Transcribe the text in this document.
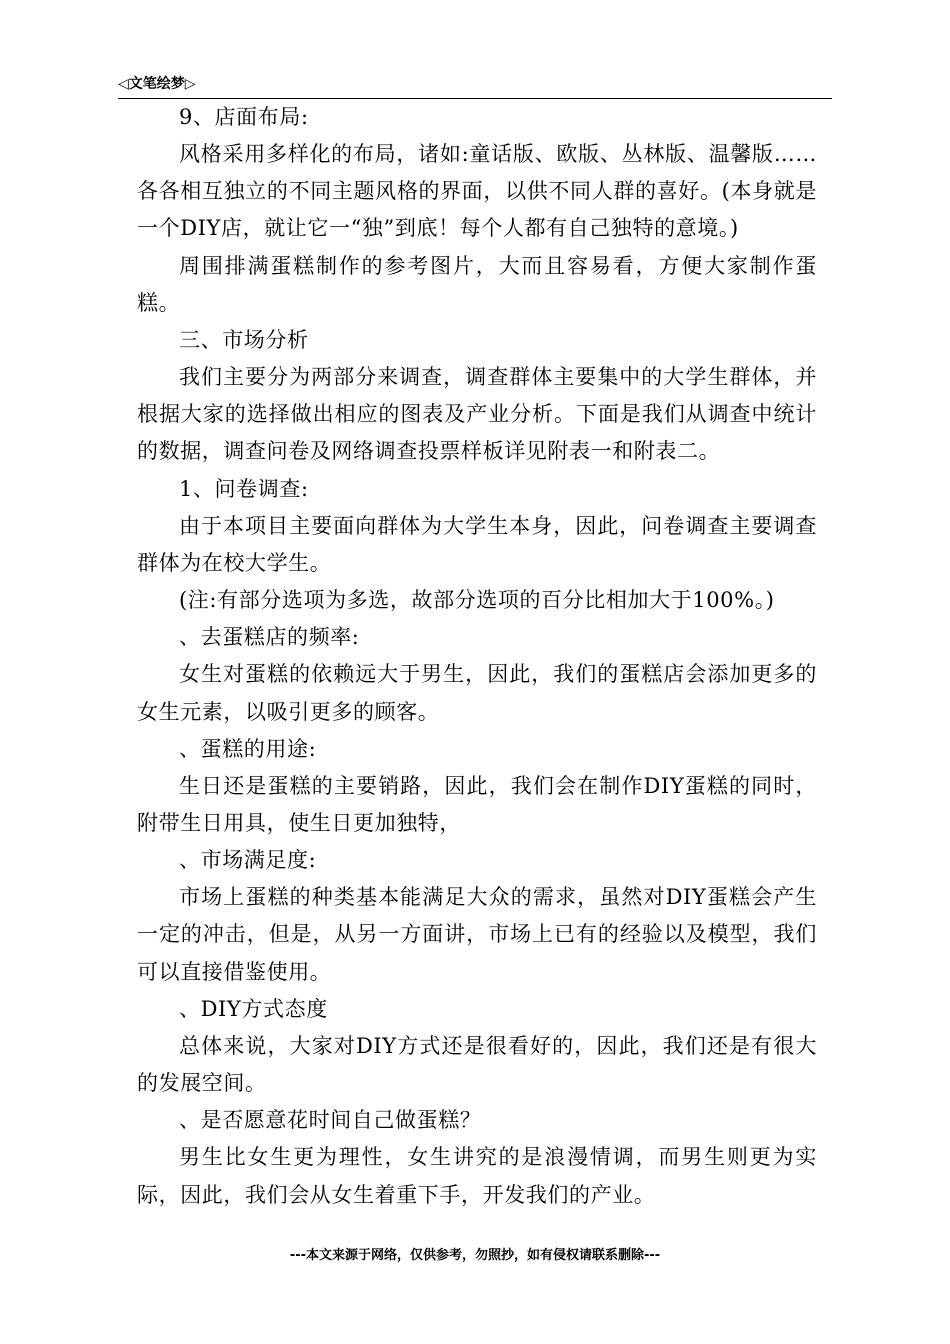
◁文笔绘梦▷

9、店面布局:

风格采用多样化的布局，诸如:童话版、欧版、丛林版、温馨版……各各相互独立的不同主题风格的界面，以供不同人群的喜好。(本身就是一个DIY店，就让它一“独”到底！每个人都有自己独特的意境。)

周围排满蛋糕制作的参考图片，大而且容易看，方便大家制作蛋糕。

三、市场分析

我们主要分为两部分来调查，调查群体主要集中的大学生群体，并根据大家的选择做出相应的图表及产业分析。下面是我们从调查中统计的数据，调查问卷及网络调查投票样板详见附表一和附表二。

1、问卷调查:

由于本项目主要面向群体为大学生本身，因此，问卷调查主要调查群体为在校大学生。

(注:有部分选项为多选，故部分选项的百分比相加大于100%。)

、去蛋糕店的频率:

女生对蛋糕的依赖远大于男生，因此，我们的蛋糕店会添加更多的女生元素，以吸引更多的顾客。

、蛋糕的用途:

生日还是蛋糕的主要销路，因此，我们会在制作DIY蛋糕的同时，附带生日用具，使生日更加独特，

、市场满足度:

市场上蛋糕的种类基本能满足大众的需求，虽然对DIY蛋糕会产生一定的冲击，但是，从另一方面讲，市场上已有的经验以及模型，我们可以直接借鉴使用。

、DIY方式态度

总体来说，大家对DIY方式还是很看好的，因此，我们还是有很大的发展空间。

、是否愿意花时间自己做蛋糕？

男生比女生更为理性，女生讲究的是浪漫情调，而男生则更为实际，因此，我们会从女生着重下手，开发我们的产业。

---本文来源于网络，仅供参考，勿照抄，如有侵权请联系删除---
